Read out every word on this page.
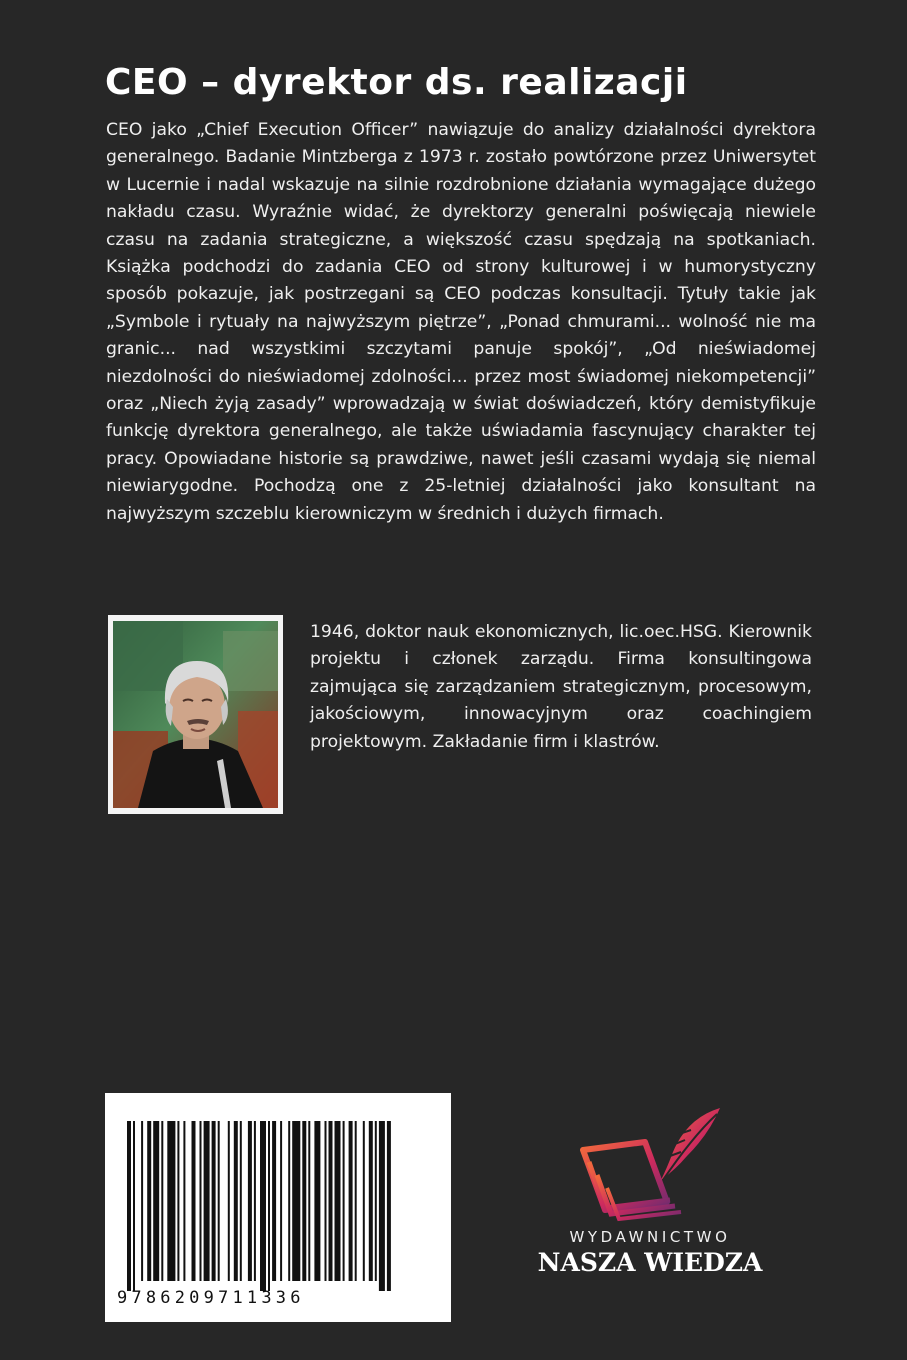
CEO – dyrektor ds. realizacji

CEO jako „Chief Execution Officer” nawiązuje do analizy działalności dyrektora generalnego. Badanie Mintzberga z 1973 r. zostało powtórzone przez Uniwersytet w Lucernie i nadal wskazuje na silnie rozdrobnione działania wymagające dużego nakładu czasu. Wyraźnie widać, że dyrektorzy generalni poświęcają niewiele czasu na zadania strategiczne, a większość czasu spędzają na spotkaniach. Książka podchodzi do zadania CEO od strony kulturowej i w humorystyczny sposób pokazuje, jak postrzegani są CEO podczas konsultacji. Tytuły takie jak „Symbole i rytuały na najwyższym piętrze”, „Ponad chmurami... wolność nie ma granic... nad wszystkimi szczytami panuje spokój”, „Od nieświadomej niezdolności do nieświadomej zdolności... przez most świadomej niekompetencji” oraz „Niech żyją zasady” wprowadzają w świat doświadczeń, który demistyfikuje funkcję dyrektora generalnego, ale także uświadamia fascynujący charakter tej pracy. Opowiadane historie są prawdziwe, nawet jeśli czasami wydają się niemal niewiarygodne. Pochodzą one z 25-letniej działalności jako konsultant na najwyższym szczeblu kierowniczym w średnich i dużych firmach.

1946, doktor nauk ekonomicznych, lic.oec.HSG. Kierownik projektu i członek zarządu. Firma konsultingowa zajmująca się zarządzaniem strategicznym, procesowym, jakościowym, innowacyjnym oraz coachingiem projektowym. Zakładanie firm i klastrów.

9786209711336
WYDAWNICTWO
NASZA WIEDZA
